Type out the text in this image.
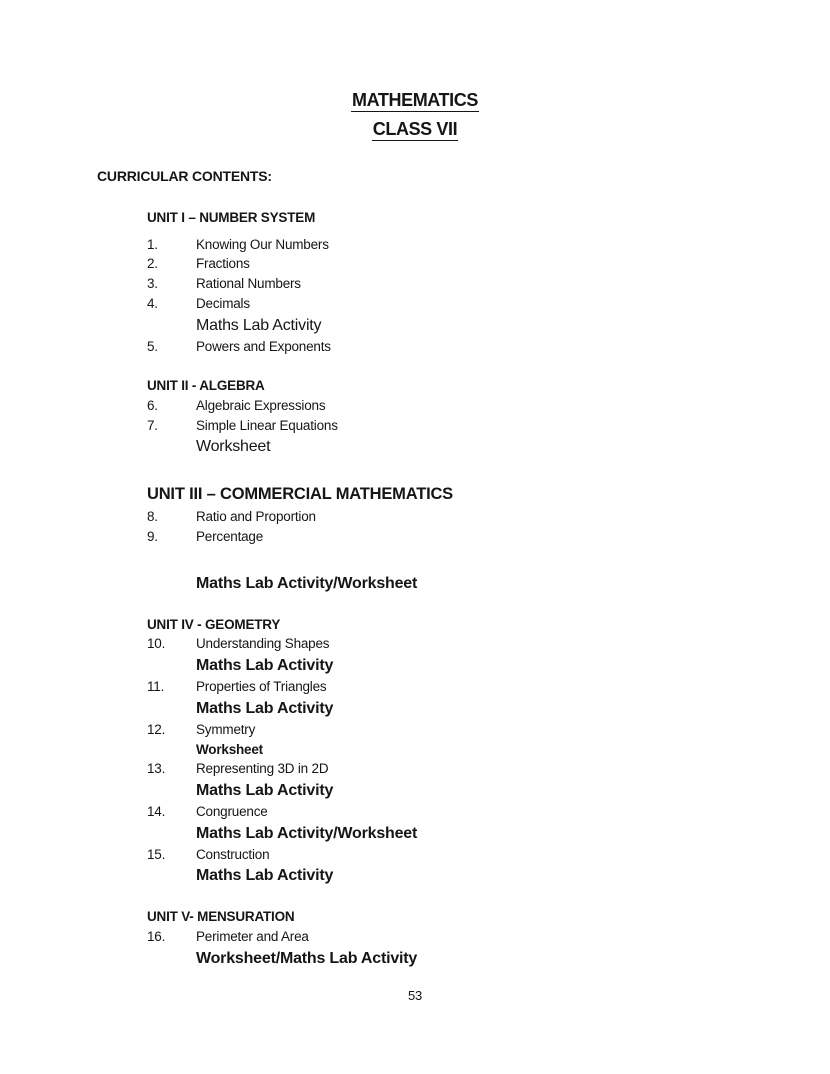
MATHEMATICS
CLASS VII
CURRICULAR CONTENTS:
UNIT I – NUMBER SYSTEM
1.	Knowing Our Numbers
2.	Fractions
3.	Rational Numbers
4.	Decimals
Maths Lab Activity
5.	Powers and Exponents
UNIT II - ALGEBRA
6.	Algebraic Expressions
7.	Simple Linear Equations
Worksheet
UNIT III – COMMERCIAL MATHEMATICS
8.	Ratio and Proportion
9.	Percentage
Maths Lab Activity/Worksheet
UNIT IV - GEOMETRY
10.	Understanding Shapes
Maths Lab Activity
11.	Properties of Triangles
Maths Lab Activity
12.	Symmetry
Worksheet
13.	Representing 3D in 2D
Maths Lab Activity
14.	Congruence
Maths Lab Activity/Worksheet
15.	Construction
Maths Lab Activity
UNIT V- MENSURATION
16.	Perimeter and Area
Worksheet/Maths Lab Activity
53
